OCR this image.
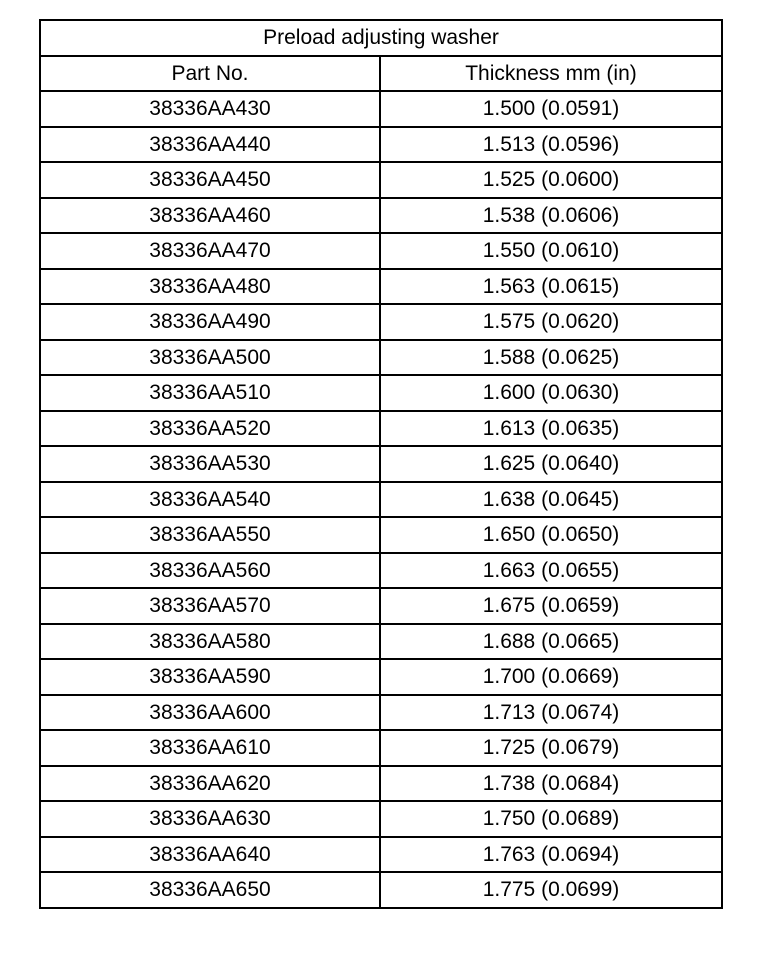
Preload adjusting washer	
Part No.	Thickness mm (in)
38336AA430	1.500 (0.0591)
38336AA440	1.513 (0.0596)
38336AA450	1.525 (0.0600)
38336AA460	1.538 (0.0606)
38336AA470	1.550 (0.0610)
38336AA480	1.563 (0.0615)
38336AA490	1.575 (0.0620)
38336AA500	1.588 (0.0625)
38336AA510	1.600 (0.0630)
38336AA520	1.613 (0.0635)
38336AA530	1.625 (0.0640)
38336AA540	1.638 (0.0645)
38336AA550	1.650 (0.0650)
38336AA560	1.663 (0.0655)
38336AA570	1.675 (0.0659)
38336AA580	1.688 (0.0665)
38336AA590	1.700 (0.0669)
38336AA600	1.713 (0.0674)
38336AA610	1.725 (0.0679)
38336AA620	1.738 (0.0684)
38336AA630	1.750 (0.0689)
38336AA640	1.763 (0.0694)
38336AA650	1.775 (0.0699)
